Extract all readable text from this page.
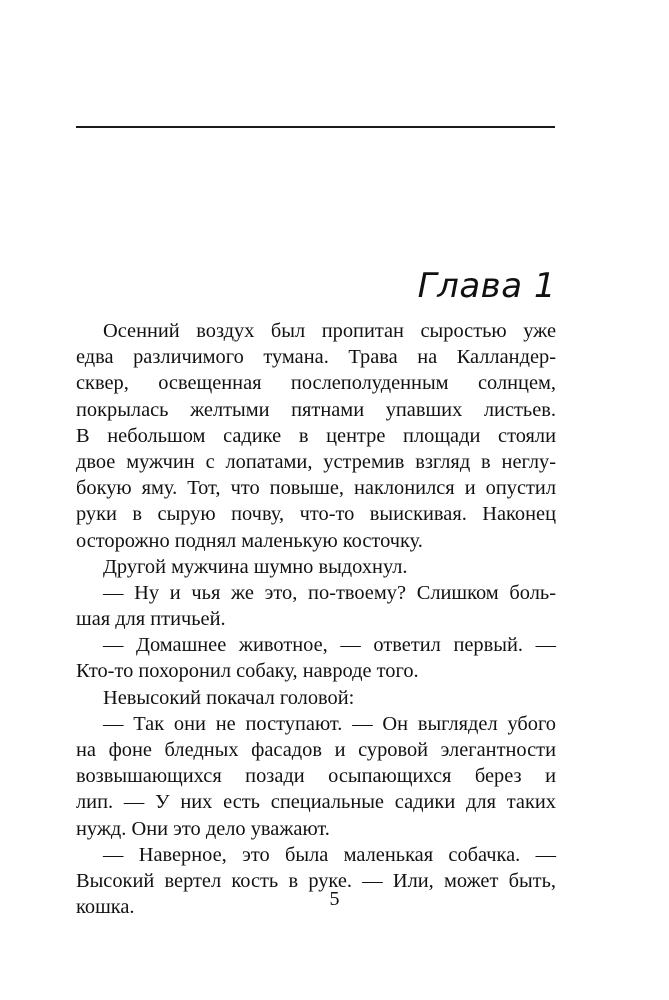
Глава 1
Осенний воздух был пропитан сыростью уже
едва различимого тумана. Трава на Калландер-
сквер, освещенная послеполуденным солнцем,
покрылась желтыми пятнами упавших листьев.
В небольшом садике в центре площади стояли
двое мужчин с лопатами, устремив взгляд в неглу-
бокую яму. Тот, что повыше, наклонился и опустил
руки в сырую почву, что-то выискивая. Наконец
осторожно поднял маленькую косточку.
Другой мужчина шумно выдохнул.
— Ну и чья же это, по-твоему? Слишком боль-
шая для птичьей.
— Домашнее животное, — ответил первый. —
Кто-то похоронил собаку, навроде того.
Невысокий покачал головой:
— Так они не поступают. — Он выглядел убого
на фоне бледных фасадов и суровой элегантности
возвышающихся позади осыпающихся берез и
лип. — У них есть специальные садики для таких
нужд. Они это дело уважают.
— Наверное, это была маленькая собачка. —
Высокий вертел кость в руке. — Или, может быть,
кошка.	5
